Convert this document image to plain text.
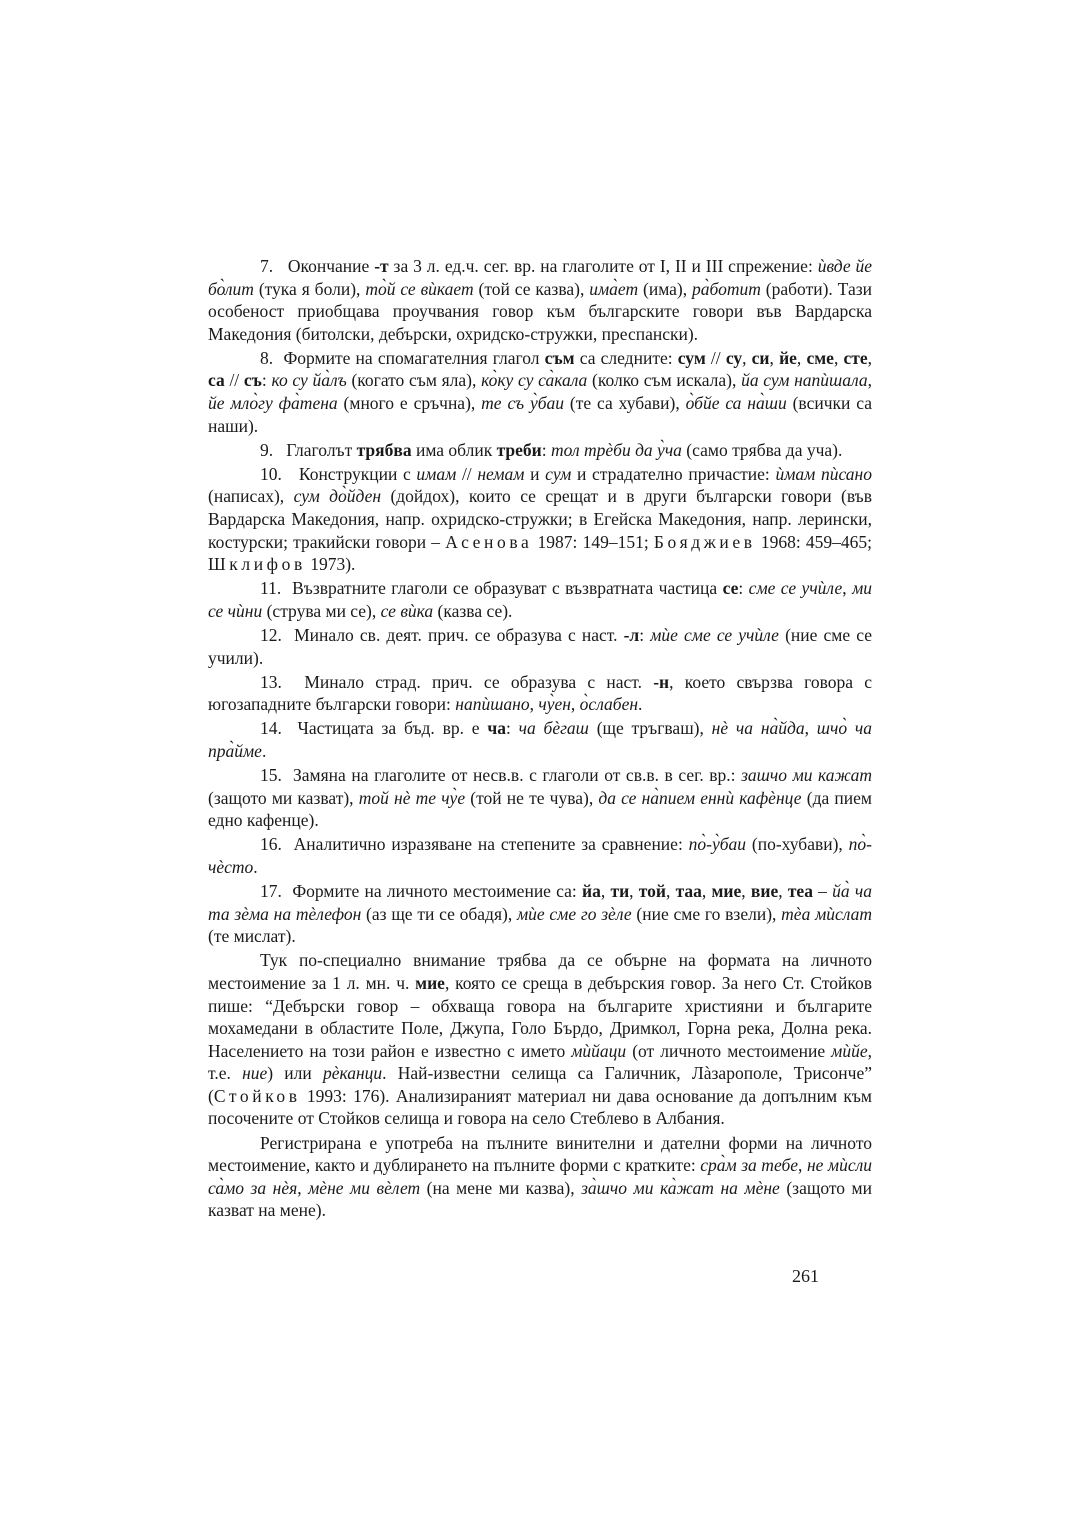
7.   Окончание -т за 3 л. ед.ч. сег. вр. на глаголите от I, II и III спрежение: ѝвде йе бо̀лит (тука я боли), то̀й се вѝкает (той се казва), има̀ет (има), ра̀ботит (работи). Тази особеност приобщава проучвания говор към българските говори във Вардарска Македония (битолски, дебърски, охридско-стружки, преспански).

8.  Формите на спомагателния глагол съм са следните: сум // су, си, йе, сме, сте, са // съ: ко су йа̀лъ (когато съм яла), ко̀ку су са̀кала (колко съм искала), йа сум напѝшала, йе мло̀гу фа̀тена (много е сръчна), те съ у̀баи (те са хубави), о̀бйе са на̀ши (всички са наши).

9.   Глаголът трябва има облик треби: тол трѐби да у̀ча (само трябва да уча).

10.   Конструкции с имам // немам и сум и страдателно причастие: ѝмам пѝсано (написах), сум до̀йден (дойдох), които се срещат и в други български говори (във Вардарска Македония, напр. охридско-стружки; в Егейска Македония, напр. лерински, костурски; тракийски говори – Асенова 1987: 149–151; Бояджиев 1968: 459–465; Шклифов 1973).

11.  Възвратните глаголи се образуват с възвратната частица се: сме се учѝле, ми се чѝни (струва ми се), се вѝка (казва се).

12.  Минало св. деят. прич. се образува с наст. -л: мѝе сме се учѝле (ние сме се учили).

13.  Минало страд. прич. се образува с наст. -н, което свързва говора с югозападните български говори: напѝшано, чу̀ен, о̀слабен.

14.  Частицата за бъд. вр. е ча: ча бѐгаш (ще тръгваш), нѐ ча на̀йда, шчо̀ ча пра̀йме.

15.  Замяна на глаголите от несв.в. с глаголи от св.в. в сег. вр.: зашчо ми кажат (защото ми казват), той нѐ те чу̀е (той не те чува), да се на̀пием еннѝ кафѐнце (да пием едно кафенце).

16.  Аналитично изразяване на степените за сравнение: по̀-у̀баи (по-хубави), по̀-чѐсто.

17.  Формите на личното местоимение са: йа, ти, той, таа, мие, вие, теа – йа̀ ча та зѐма на тѐлефон (аз ще ти се обадя), мѝе сме го зѐле (ние сме го взели), тѐа мѝслат (те мислат).

Тук по-специално внимание трябва да се обърне на формата на личното местоимение за 1 л. мн. ч. мие, която се среща в дебърския говор. За него Ст. Стойков пише: “Дебърски говор – обхваща говора на българите християни и българите мохамедани в областите Поле, Джупа, Голо Бърдо, Дримкол, Горна река, Долна река. Населението на този район е известно с името мѝйаци (от личното местоимение мѝйе, т.е. ние) или рѐканци. Най-известни селища са Галичник, Лàзарополе, Трисонче” (Стойков 1993: 176). Анализираният материал ни дава основание да допълним към посочените от Стойков селища и говора на село Стеблево в Албания.

Регистрирана е употреба на пълните винителни и дателни форми на личното местоимение, както и дублирането на пълните форми с кратките: сра̀м за тебе, не мѝсли са̀мо за нѐя, мѐне ми вѐлет (на мене ми казва), за̀шчо ми ка̀жат на мѐне (защото ми казват на мене).

261
